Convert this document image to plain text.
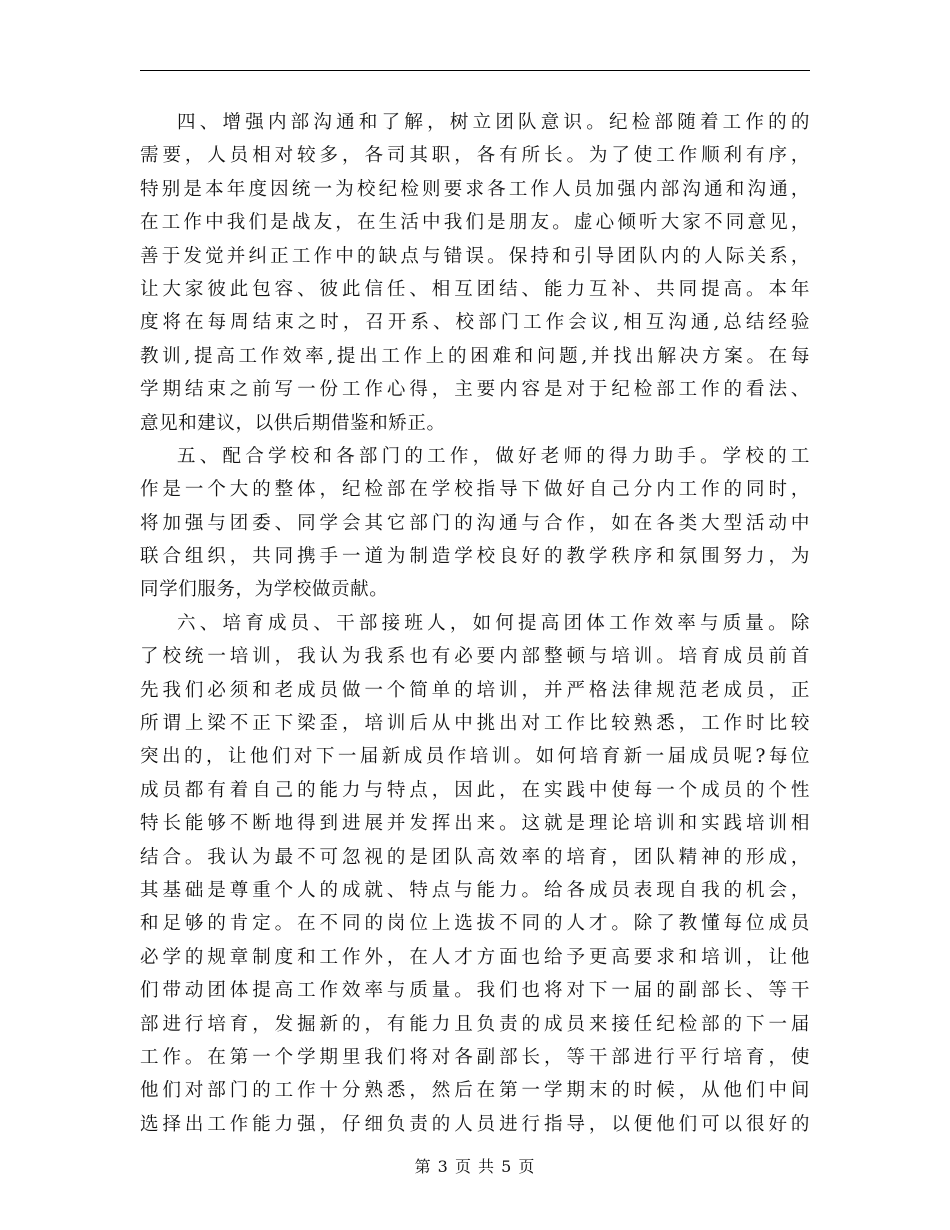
四、增强内部沟通和了解，树立团队意识。纪检部随着工作的的
需要，人员相对较多，各司其职，各有所长。为了使工作顺利有序，
特别是本年度因统一为校纪检则要求各工作人员加强内部沟通和沟通，
在工作中我们是战友，在生活中我们是朋友。虚心倾听大家不同意见，
善于发觉并纠正工作中的缺点与错误。保持和引导团队内的人际关系，
让大家彼此包容、彼此信任、相互团结、能力互补、共同提高。本年
度将在每周结束之时，召开系、校部门工作会议,相互沟通,总结经验
教训,提高工作效率,提出工作上的困难和问题,并找出解决方案。在每
学期结束之前写一份工作心得，主要内容是对于纪检部工作的看法、
意见和建议，以供后期借鉴和矫正。
五、配合学校和各部门的工作，做好老师的得力助手。学校的工
作是一个大的整体，纪检部在学校指导下做好自己分内工作的同时，
将加强与团委、同学会其它部门的沟通与合作，如在各类大型活动中
联合组织，共同携手一道为制造学校良好的教学秩序和氛围努力，为
同学们服务，为学校做贡献。
六、培育成员、干部接班人，如何提高团体工作效率与质量。除
了校统一培训，我认为我系也有必要内部整顿与培训。培育成员前首
先我们必须和老成员做一个简单的培训，并严格法律规范老成员，正
所谓上梁不正下梁歪，培训后从中挑出对工作比较熟悉，工作时比较
突出的，让他们对下一届新成员作培训。如何培育新一届成员呢?每位
成员都有着自己的能力与特点，因此，在实践中使每一个成员的个性
特长能够不断地得到进展并发挥出来。这就是理论培训和实践培训相
结合。我认为最不可忽视的是团队高效率的培育，团队精神的形成，
其基础是尊重个人的成就、特点与能力。给各成员表现自我的机会，
和足够的肯定。在不同的岗位上选拔不同的人才。除了教懂每位成员
必学的规章制度和工作外，在人才方面也给予更高要求和培训，让他
们带动团体提高工作效率与质量。我们也将对下一届的副部长、等干
部进行培育，发掘新的，有能力且负责的成员来接任纪检部的下一届
工作。在第一个学期里我们将对各副部长，等干部进行平行培育，使
他们对部门的工作十分熟悉，然后在第一学期末的时候，从他们中间
选择出工作能力强，仔细负责的人员进行指导，以便他们可以很好的
第 3 页 共 5 页
